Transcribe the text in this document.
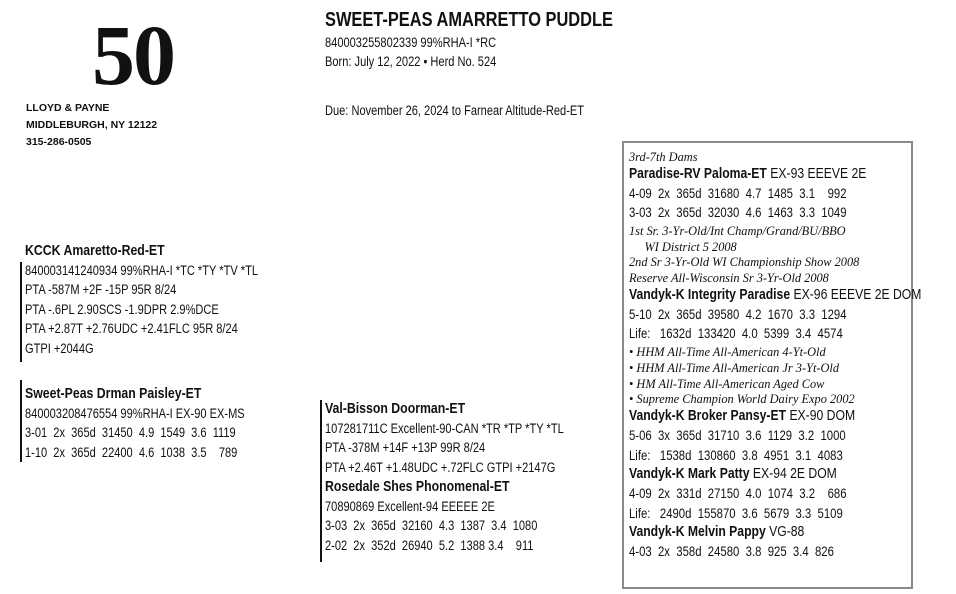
50
LLOYD & PAYNE
MIDDLEBURGH, NY 12122
315-286-0505
SWEET-PEAS AMARRETTO PUDDLE
840003255802339 99%RHA-I *RC
Born: July 12, 2022 • Herd No. 524
Due: November 26, 2024 to Farnear Altitude-Red-ET
KCCK Amaretto-Red-ET
840003141240934 99%RHA-I *TC *TY *TV *TL
PTA -587M +2F -15P 95R 8/24
PTA -.6PL 2.90SCS -1.9DPR 2.9%DCE
PTA +2.87T +2.76UDC +2.41FLC 95R 8/24
GTPI +2044G
Sweet-Peas Drman Paisley-ET
840003208476554 99%RHA-I EX-90 EX-MS
3-01  2x  365d  31450  4.9  1549  3.6  1119
1-10  2x  365d  22400  4.6  1038  3.5    789
Val-Bisson Doorman-ET
107281711C Excellent-90-CAN *TR *TP *TY *TL
PTA -378M +14F +13P 99R 8/24
PTA +2.46T +1.48UDC +.72FLC GTPI +2147G
Rosedale Shes Phonomenal-ET
70890869 Excellent-94 EEEEE 2E
3-03  2x  365d  32160  4.3  1387  3.4  1080
2-02  2x  352d  26940  5.2  1388 3.4    911
3rd-7th Dams
Paradise-RV Paloma-ET EX-93 EEEVE 2E
4-09  2x  365d  31680  4.7  1485  3.1    992
3-03  2x  365d  32030  4.6  1463  3.3  1049
1st Sr. 3-Yr-Old/Int Champ/Grand/BU/BBO
WI District 5 2008
2nd Sr 3-Yr-Old WI Championship Show 2008
Reserve All-Wisconsin Sr 3-Yr-Old 2008
Vandyk-K Integrity Paradise EX-96 EEEVE 2E DOM
5-10  2x  365d  39580  4.2  1670  3.3  1294
Life:   1632d  133420  4.0  5399  3.4  4574
• HHM All-Time All-American 4-Yt-Old
• HHM All-Time All-American Jr 3-Yt-Old
• HM All-Time All-American Aged Cow
• Supreme Champion World Dairy Expo 2002
Vandyk-K Broker Pansy-ET EX-90 DOM
5-06  3x  365d  31710  3.6  1129  3.2  1000
Life:   1538d  130860  3.8  4951  3.1  4083
Vandyk-K Mark Patty EX-94 2E DOM
4-09  2x  331d  27150  4.0  1074  3.2    686
Life:   2490d  155870  3.6  5679  3.3  5109
Vandyk-K Melvin Pappy VG-88
4-03  2x  358d  24580  3.8  925  3.4  826
